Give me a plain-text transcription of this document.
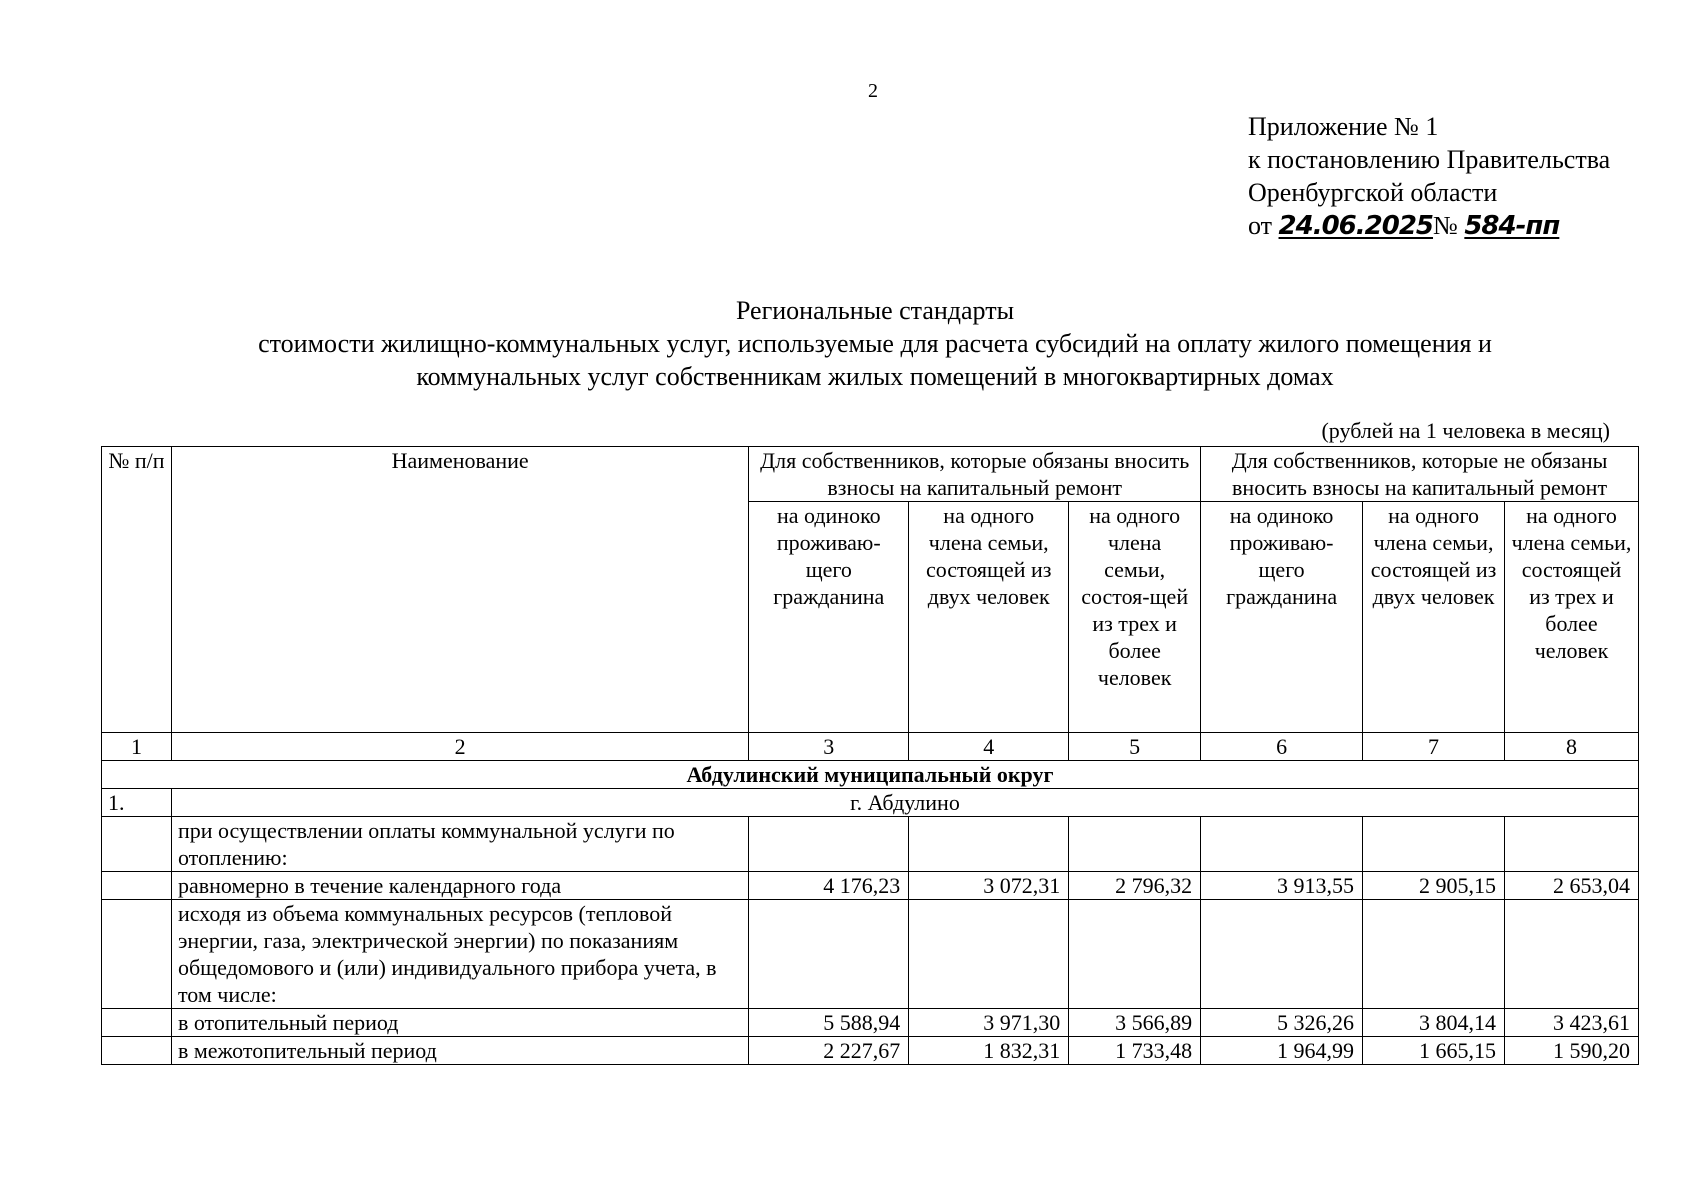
2
Приложение № 1
к постановлению Правительства
Оренбургской области
от 24.06.2025№ 584-пп
Региональные стандарты
стоимости жилищно-коммунальных услуг, используемые для расчета субсидий на оплату жилого помещения и
коммунальных услуг собственникам жилых помещений в многоквартирных домах
(рублей на 1 человека в месяц)
№ п/п	Наименование	Для собственников, которые обязаны вносить взносы на капитальный ремонт			Для собственников, которые не обязаны вносить взносы на капитальный ремонт		
		на одиноко проживаю-щего гражданина	на одного члена семьи, состоящей из двух человек	на одного члена семьи, состоя-щей из трех и более человек	на одиноко проживаю-щего гражданина	на одного члена семьи, состоящей из двух человек	на одного члена семьи, состоящей из трех и более человек
1	2	3	4	5	6	7	8
Абдулинский муниципальный округ							
1.	г. Абдулино						
	при осуществлении оплаты коммунальной услуги по отоплению:						
	равномерно в течение календарного года	4 176,23	3 072,31	2 796,32	3 913,55	2 905,15	2 653,04
	исходя из объема коммунальных ресурсов (тепловой энергии, газа, электрической энергии) по показаниям общедомового и (или) индивидуального прибора учета, в том числе:						
	в отопительный период	5 588,94	3 971,30	3 566,89	5 326,26	3 804,14	3 423,61
	в межотопительный период	2 227,67	1 832,31	1 733,48	1 964,99	1 665,15	1 590,20
